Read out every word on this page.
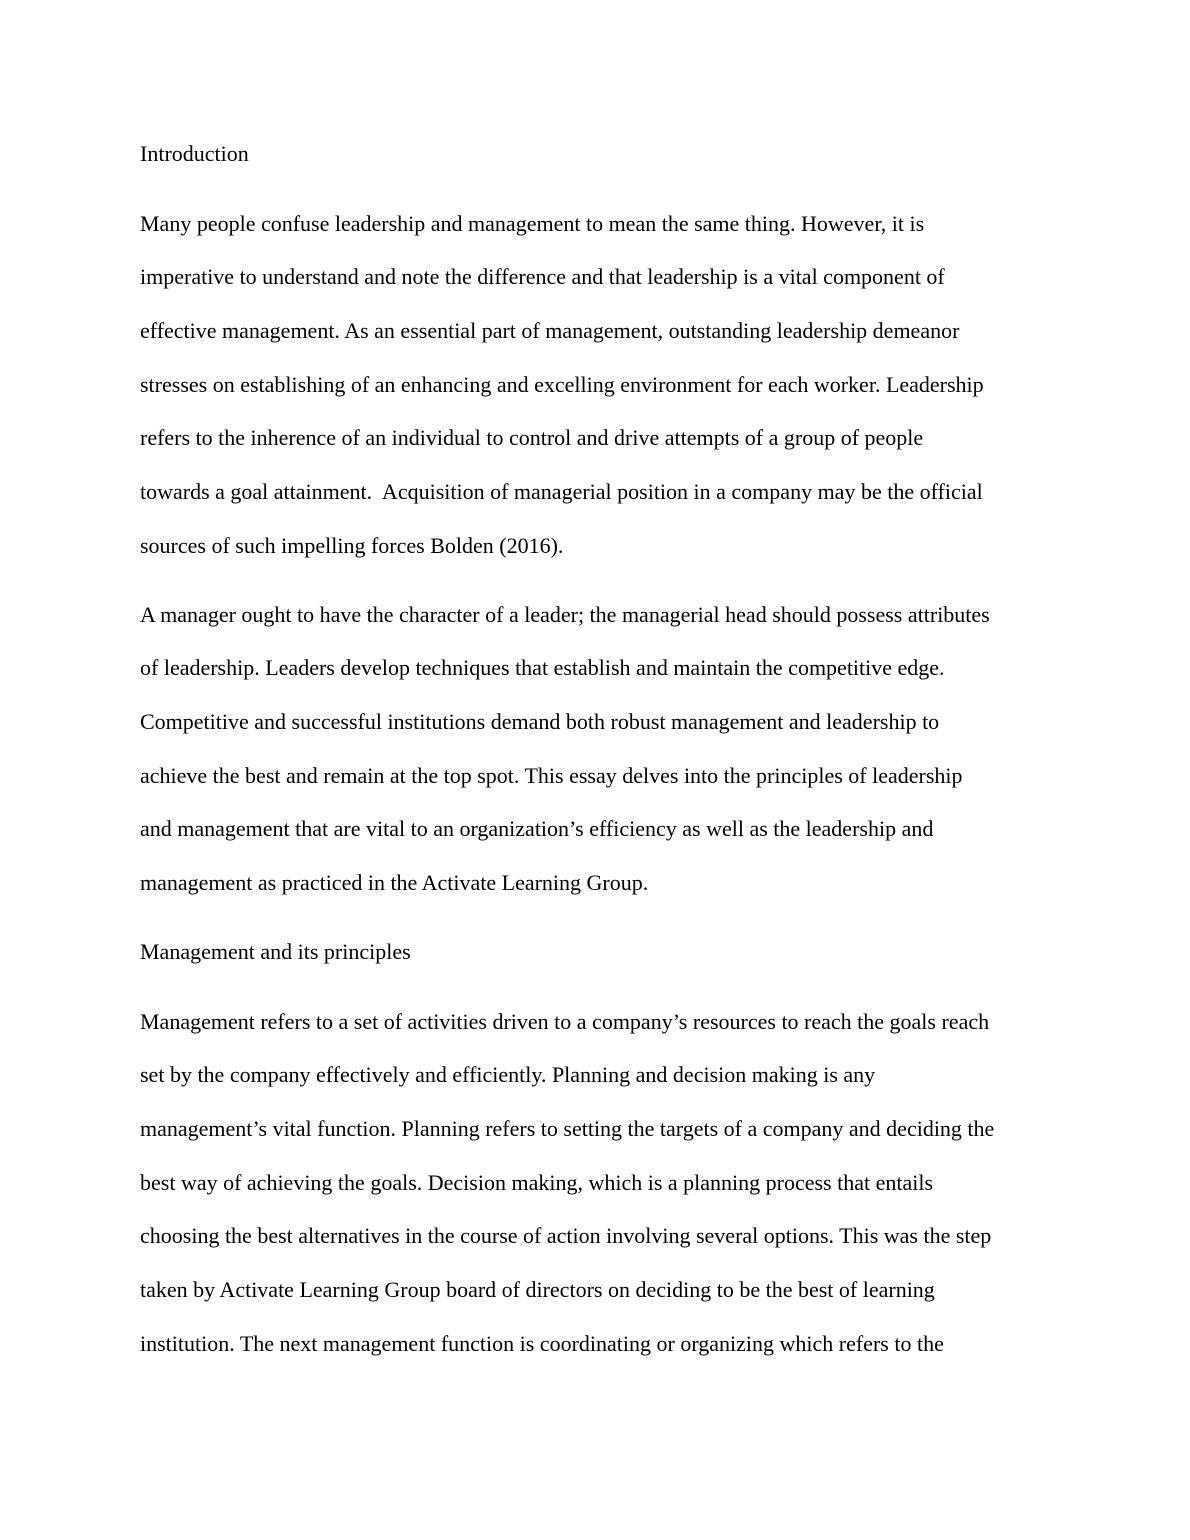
Introduction
Many people confuse leadership and management to mean the same thing. However, it is
imperative to understand and note the difference and that leadership is a vital component of
effective management. As an essential part of management, outstanding leadership demeanor
stresses on establishing of an enhancing and excelling environment for each worker. Leadership
refers to the inherence of an individual to control and drive attempts of a group of people
towards a goal attainment.  Acquisition of managerial position in a company may be the official
sources of such impelling forces Bolden (2016).
A manager ought to have the character of a leader; the managerial head should possess attributes
of leadership. Leaders develop techniques that establish and maintain the competitive edge.
Competitive and successful institutions demand both robust management and leadership to
achieve the best and remain at the top spot. This essay delves into the principles of leadership
and management that are vital to an organization’s efficiency as well as the leadership and
management as practiced in the Activate Learning Group.
Management and its principles
Management refers to a set of activities driven to a company’s resources to reach the goals reach
set by the company effectively and efficiently. Planning and decision making is any
management’s vital function. Planning refers to setting the targets of a company and deciding the
best way of achieving the goals. Decision making, which is a planning process that entails
choosing the best alternatives in the course of action involving several options. This was the step
taken by Activate Learning Group board of directors on deciding to be the best of learning
institution. The next management function is coordinating or organizing which refers to the
